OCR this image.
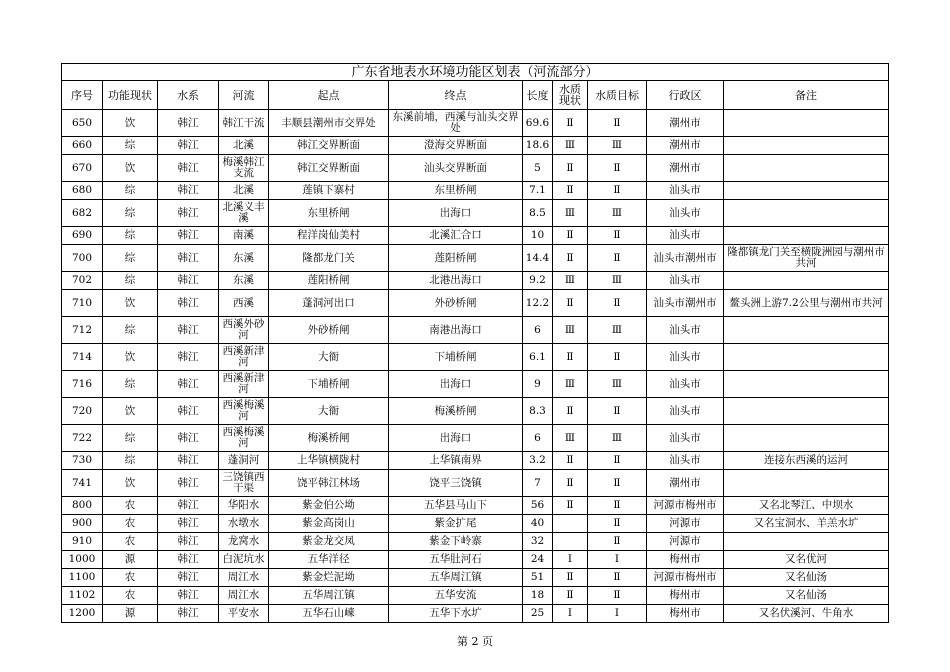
广东省地表水环境功能区划表（河流部分）										
序号	功能现状	水系	河流	起点	终点	长度	水质现状	水质目标	行政区	备注
650	饮	韩江	韩江干流	丰顺县潮州市交界处	东溪前埔，西溪与汕头交界处	69.6	Ⅱ	Ⅱ	潮州市	
660	综	韩江	北溪	韩江交界断面	澄海交界断面	18.6	Ⅲ	Ⅲ	潮州市	
670	饮	韩江	梅溪韩江支流	韩江交界断面	汕头交界断面	5	Ⅱ	Ⅱ	潮州市	
680	综	韩江	北溪	莲镇下寨村	东里桥闸	7.1	Ⅱ	Ⅱ	汕头市	
682	综	韩江	北溪义丰溪	东里桥闸	出海口	8.5	Ⅲ	Ⅲ	汕头市	
690	综	韩江	南溪	程洋岗仙美村	北溪汇合口	10	Ⅱ	Ⅱ	汕头市	
700	综	韩江	东溪	隆都龙门关	莲阳桥闸	14.4	Ⅱ	Ⅱ	汕头市潮州市	隆都镇龙门关至横陇洲园与潮州市共河
702	综	韩江	东溪	莲阳桥闸	北港出海口	9.2	Ⅲ	Ⅲ	汕头市	
710	饮	韩江	西溪	蓬洞河出口	外砂桥闸	12.2	Ⅱ	Ⅱ	汕头市潮州市	鳌头洲上游7.2公里与潮州市共河
712	综	韩江	西溪外砂河	外砂桥闸	南港出海口	6	Ⅲ	Ⅲ	汕头市	
714	饮	韩江	西溪新津河	大衙	下埔桥闸	6.1	Ⅱ	Ⅱ	汕头市	
716	综	韩江	西溪新津河	下埔桥闸	出海口	9	Ⅲ	Ⅲ	汕头市	
720	饮	韩江	西溪梅溪河	大衙	梅溪桥闸	8.3	Ⅱ	Ⅱ	汕头市	
722	综	韩江	西溪梅溪河	梅溪桥闸	出海口	6	Ⅲ	Ⅲ	汕头市	
730	综	韩江	蓬洞河	上华镇横陇村	上华镇南界	3.2	Ⅱ	Ⅱ	汕头市	连接东西溪的运河
741	饮	韩江	三饶镇西干渠	饶平韩江林场	饶平三饶镇	7	Ⅱ	Ⅱ	潮州市	
800	农	韩江	华阳水	紫金伯公坳	五华县马山下	56	Ⅱ	Ⅱ	河源市梅州市	又名北琴江、中坝水
900	农	韩江	水墩水	紫金高岗山	紫金扩尾	40		Ⅱ	河源市	又名宝洞水、羊羔水圹
910	农	韩江	龙窝水	紫金龙交凤	紫金下岭寨	32		Ⅱ	河源市	
1000	源	韩江	白泥坑水	五华洋径	五华肚河石	24	Ⅰ	Ⅰ	梅州市	又名优河
1100	农	韩江	周江水	紫金烂泥坳	五华周江镇	51	Ⅱ	Ⅱ	河源市梅州市	又名仙汤
1102	农	韩江	周江水	五华周江镇	五华安流	18	Ⅱ	Ⅱ	梅州市	又名仙汤
1200	源	韩江	平安水	五华石山崠	五华下水圹	25	Ⅰ	Ⅰ	梅州市	又名伏溪河、牛角水
第 2 页
